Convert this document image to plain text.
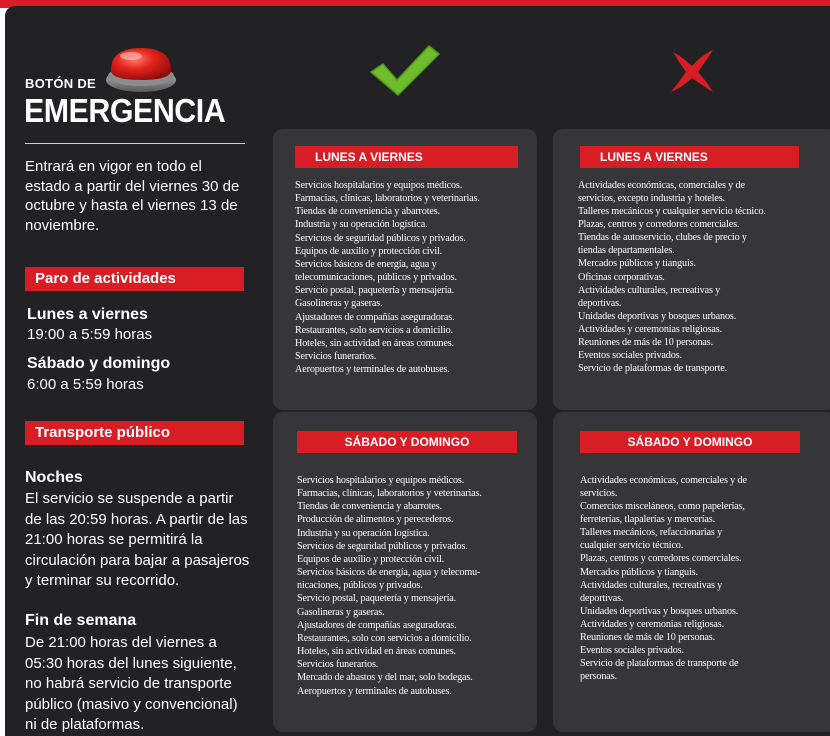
BOTÓN DE
EMERGENCIA
Entrará en vigor en todo el estado a partir del viernes 30 de octubre y hasta el viernes 13 de noviembre.
Paro de actividades
Lunes a viernes
19:00 a 5:59 horas
Sábado y domingo
6:00 a 5:59 horas
Transporte público
Noches
El servicio se suspende a partir de las 20:59 horas. A partir de las 21:00 horas se permitirá la circulación para bajar a pasajeros y terminar su recorrido.
Fin de semana
De 21:00 horas del viernes a 05:30 horas del lunes siguiente, no habrá servicio de transporte público (masivo y convencional) ni de plataformas.
LUNES A VIERNES	LUNES A VIERNES
SÁBADO Y DOMINGO	SÁBADO Y DOMINGO
Servicios hospitalarios y equipos médicos.
Farmacias, clínicas, laboratorios y veterinarias.
Tiendas de conveniencia y abarrotes.
Industria y su operación logística.
Servicios de seguridad públicos y privados.
Equipos de auxilio y protección civil.
Servicios básicos de energía, agua y
telecomunicaciones, públicos y privados.
Servicio postal, paquetería y mensajería.
Gasolineras y gaseras.
Ajustadores de compañías aseguradoras.
Restaurantes, solo servicios a domicilio.
Hoteles, sin actividad en áreas comunes.
Servicios funerarios.
Aeropuertos y terminales de autobuses.
Actividades económicas, comerciales y de
servicios, excepto industria y hoteles.
Talleres mecánicos y cualquier servicio técnico.
Plazas, centros y corredores comerciales.
Tiendas de autoservicio, clubes de precio y
tiendas departamentales.
Mercados públicos y tianguis.
Oficinas corporativas.
Actividades culturales, recreativas y
deportivas.
Unidades deportivas y bosques urbanos.
Actividades y ceremonias religiosas.
Reuniones de más de 10 personas.
Eventos sociales privados.
Servicio de plataformas de transporte.
Servicios hospitalarios y equipos médicos.
Farmacias, clínicas, laboratorios y veterinarias.
Tiendas de conveniencia y abarrotes.
Producción de alimentos y perecederos.
Industria y su operación logística.
Servicios de seguridad públicos y privados.
Equipos de auxilio y protección civil.
Servicios básicos de energía, agua y telecomu-
nicaciones, públicos y privados.
Servicio postal, paquetería y mensajería.
Gasolineras y gaseras.
Ajustadores de compañías aseguradoras.
Restaurantes, solo con servicios a domicilio.
Hoteles, sin actividad en áreas comunes.
Servicios funerarios.
Mercado de abastos y del mar, solo bodegas.
Aeropuertos y terminales de autobuses.
Actividades económicas, comerciales y de
servicios.
Comercios misceláneos, como papelerías,
ferreterías, tlapalerías y mercerías.
Talleres mecánicos, refaccionarias y
cualquier servicio técnico.
Plazas, centros y corredores comerciales.
Mercados públicos y tianguis.
Actividades culturales, recreativas y
deportivas.
Unidades deportivas y bosques urbanos.
Actividades y ceremonias religiosas.
Reuniones de más de 10 personas.
Eventos sociales privados.
Servicio de plataformas de transporte de
personas.
